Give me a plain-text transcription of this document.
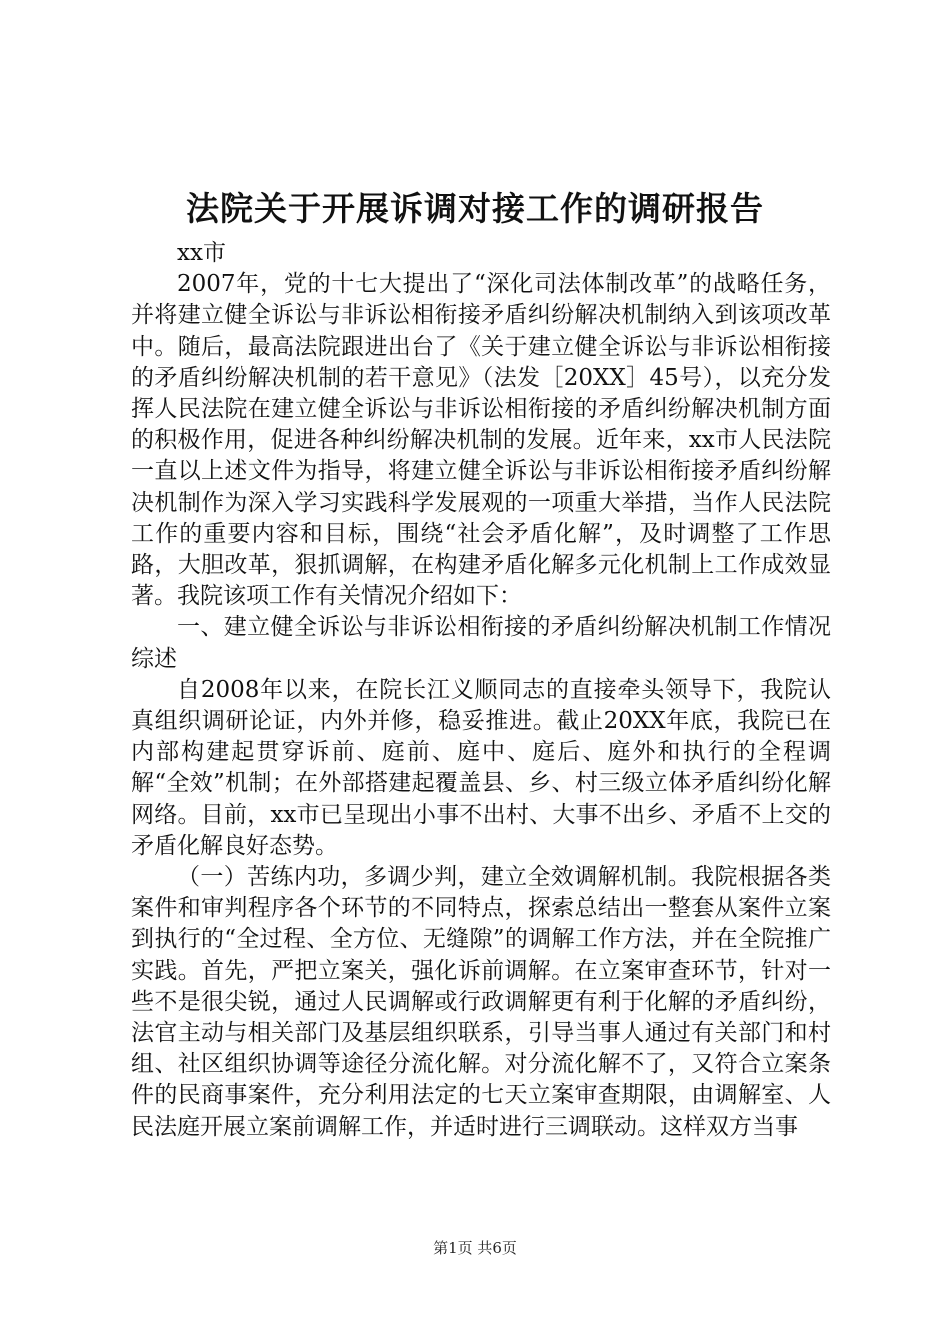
法院关于开展诉调对接工作的调研报告

xx市

2007年，党的十七大提出了“深化司法体制改革”的战略任务，并将建立健全诉讼与非诉讼相衔接矛盾纠纷解决机制纳入到该项改革中。随后，最高法院跟进出台了《关于建立健全诉讼与非诉讼相衔接的矛盾纠纷解决机制的若干意见》（法发［20XX］45号），以充分发挥人民法院在建立健全诉讼与非诉讼相衔接的矛盾纠纷解决机制方面的积极作用，促进各种纠纷解决机制的发展。近年来，xx市人民法院一直以上述文件为指导，将建立健全诉讼与非诉讼相衔接矛盾纠纷解决机制作为深入学习实践科学发展观的一项重大举措，当作人民法院工作的重要内容和目标，围绕“社会矛盾化解”，及时调整了工作思路，大胆改革，狠抓调解，在构建矛盾化解多元化机制上工作成效显著。我院该项工作有关情况介绍如下：

一、建立健全诉讼与非诉讼相衔接的矛盾纠纷解决机制工作情况综述

自2008年以来，在院长江义顺同志的直接牵头领导下，我院认真组织调研论证，内外并修，稳妥推进。截止20XX年底，我院已在内部构建起贯穿诉前、庭前、庭中、庭后、庭外和执行的全程调解“全效”机制；在外部搭建起覆盖县、乡、村三级立体矛盾纠纷化解网络。目前，xx市已呈现出小事不出村、大事不出乡、矛盾不上交的矛盾化解良好态势。

（一）苦练内功，多调少判，建立全效调解机制。我院根据各类案件和审判程序各个环节的不同特点，探索总结出一整套从案件立案到执行的“全过程、全方位、无缝隙”的调解工作方法，并在全院推广实践。首先，严把立案关，强化诉前调解。在立案审查环节，针对一些不是很尖锐，通过人民调解或行政调解更有利于化解的矛盾纠纷，法官主动与相关部门及基层组织联系，引导当事人通过有关部门和村组、社区组织协调等途径分流化解。对分流化解不了，又符合立案条件的民商事案件，充分利用法定的七天立案审查期限，由调解室、人民法庭开展立案前调解工作，并适时进行三调联动。这样双方当事

第1页 共6页
